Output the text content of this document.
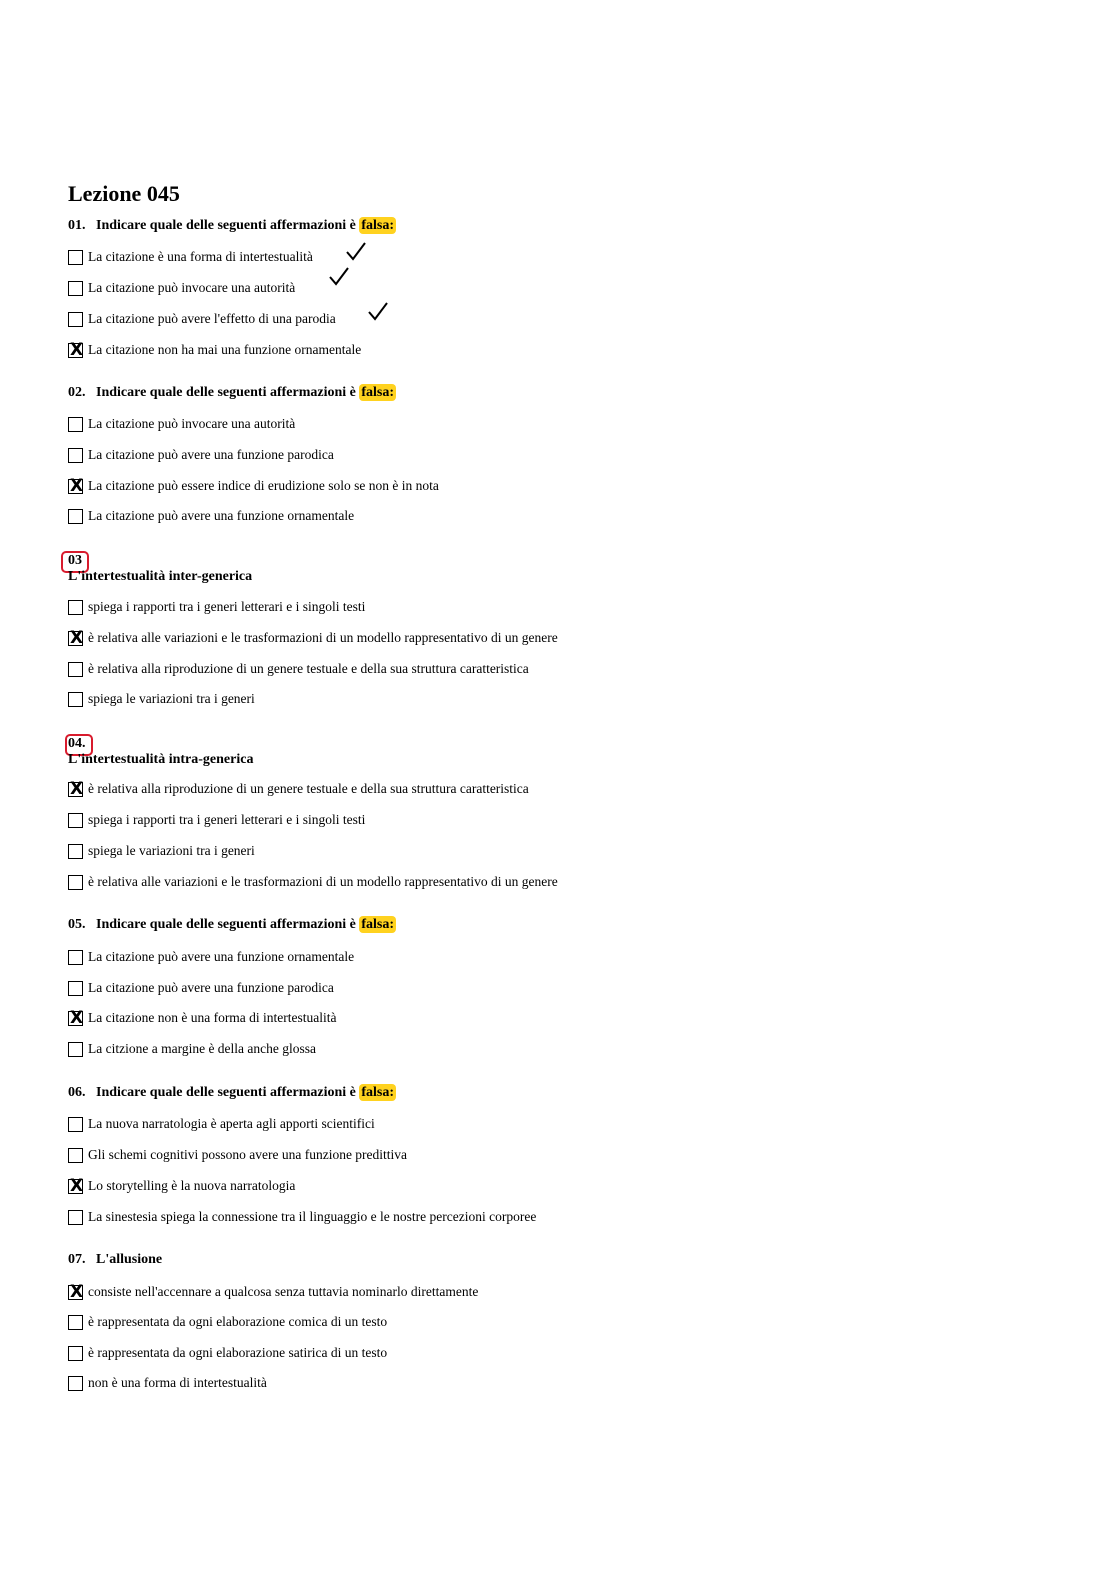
Lezione 045
01. Indicare quale delle seguenti affermazioni è falsa:
La citazione è una forma di intertestualità
La citazione può invocare una autorità
La citazione può avere l'effetto di una parodia
X La citazione non ha mai una funzione ornamentale
02. Indicare quale delle seguenti affermazioni è falsa:
La citazione può invocare una autorità
La citazione può avere una funzione parodica
X La citazione può essere indice di erudizione solo se non è in nota
La citazione può avere una funzione ornamentale
03
L'intertestualità inter-generica
spiega i rapporti tra i generi letterari e i singoli testi
X è relativa alle variazioni e le trasformazioni di un modello rappresentativo di un genere
è relativa alla riproduzione di un genere testuale e della sua struttura caratteristica
spiega le variazioni tra i generi
04.
L'intertestualità intra-generica
X è relativa alla riproduzione di un genere testuale e della sua struttura caratteristica
spiega i rapporti tra i generi letterari e i singoli testi
spiega le variazioni tra i generi
è relativa alle variazioni e le trasformazioni di un modello rappresentativo di un genere
05. Indicare quale delle seguenti affermazioni è falsa:
La citazione può avere una funzione ornamentale
La citazione può avere una funzione parodica
X La citazione non è una forma di intertestualità
La citzione a margine è della anche glossa
06. Indicare quale delle seguenti affermazioni è falsa:
La nuova narratologia è aperta agli apporti scientifici
Gli schemi cognitivi possono avere una funzione predittiva
X Lo storytelling è la nuova narratologia
La sinestesia spiega la connessione tra il linguaggio e le nostre percezioni corporee
07. L'allusione
X consiste nell'accennare a qualcosa senza tuttavia nominarlo direttamente
è rappresentata da ogni elaborazione comica di un testo
è rappresentata da ogni elaborazione satirica di un testo
non è una forma di intertestualità
